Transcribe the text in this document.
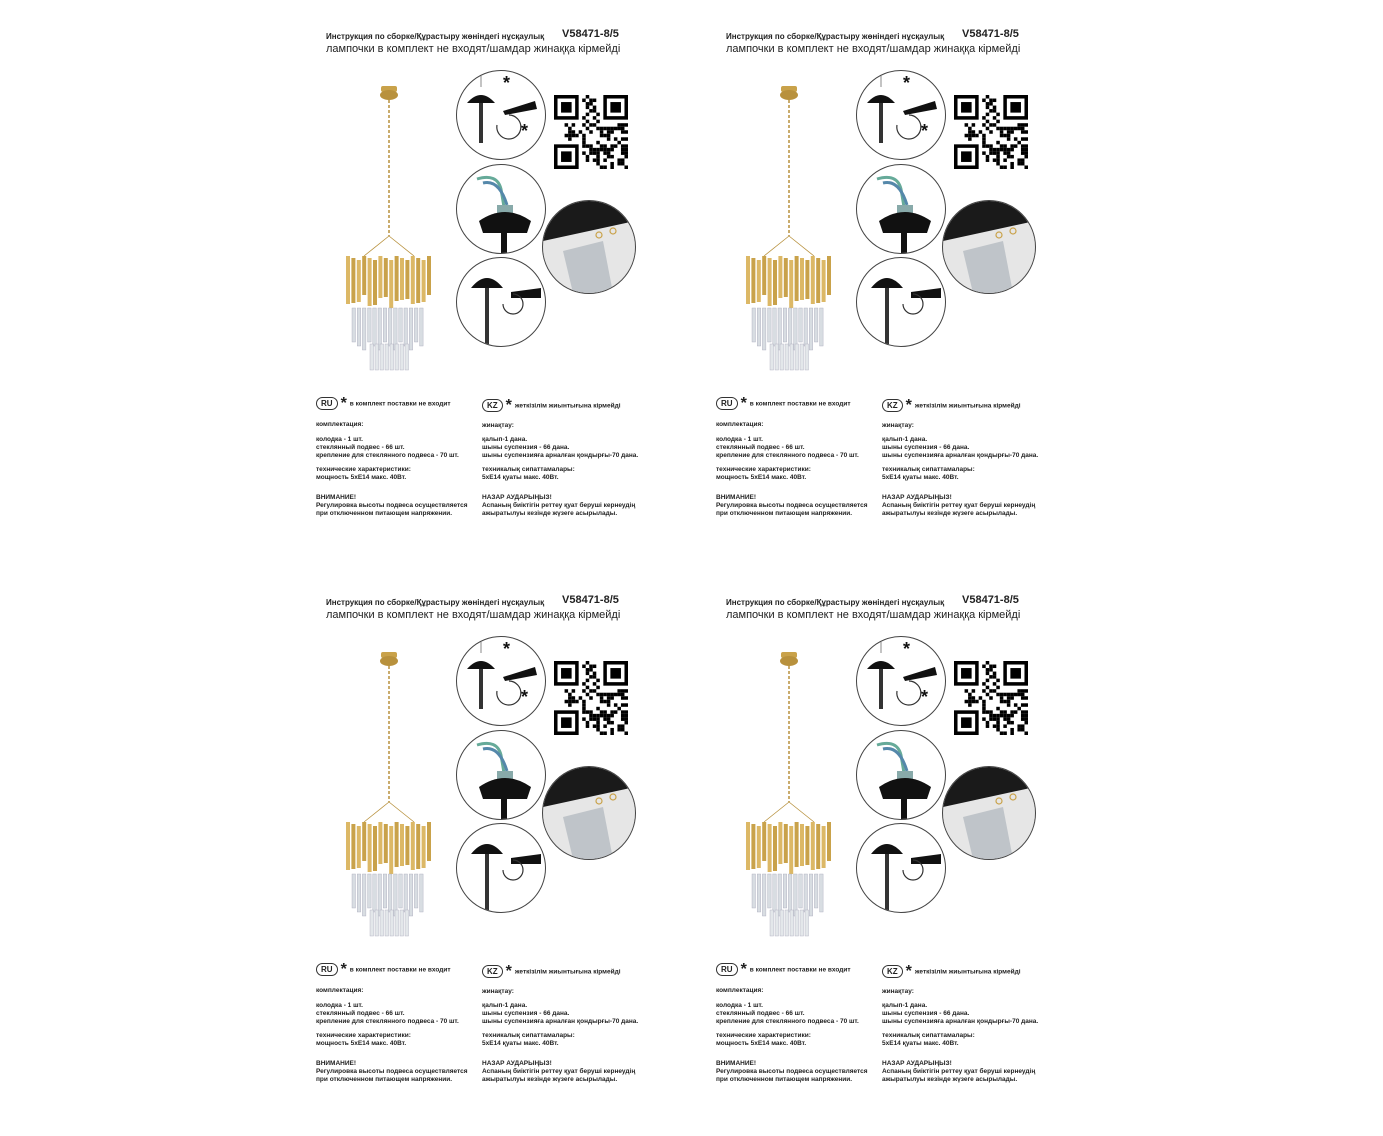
Инструкция по сборке/Құрастыру жөніндегі нұсқаулық
лампочки в комплект не входят/шамдар жинаққа кірмейді
V58471-8/5
*
*
RU * в комплект поставки не входит	KZ * жеткізілім жиынтығына кірмейді
комплектация:
колодка - 1 шт.
стеклянный подвес - 66 шт.
крепление для стеклянного подвеса - 70 шт.
технические характеристики:
мощность 5хЕ14 макс. 40Вт.
ВНИМАНИЕ!
Регулировка высоты подвеса осуществляется
при отключенном питающем напряжении.
жинақтау:
қалып-1 дана.
шыны суспензия - 66 дана.
шыны суспензияға арналған қондырғы-70 дана.
техникалық сипаттамалары:
5хЕ14 қуаты макс. 40Вт.
НАЗАР АУДАРЫҢЫЗ!
Аспаның биіктігін реттеу қуат беруші кернеудің
ажыратылуы кезінде жүзеге асырылады.
Инструкция по сборке/Құрастыру жөніндегі нұсқаулық
лампочки в комплект не входят/шамдар жинаққа кірмейді
V58471-8/5
*
*
RU * в комплект поставки не входит	KZ * жеткізілім жиынтығына кірмейді
комплектация:
колодка - 1 шт.
стеклянный подвес - 66 шт.
крепление для стеклянного подвеса - 70 шт.
технические характеристики:
мощность 5хЕ14 макс. 40Вт.
ВНИМАНИЕ!
Регулировка высоты подвеса осуществляется
при отключенном питающем напряжении.
жинақтау:
қалып-1 дана.
шыны суспензия - 66 дана.
шыны суспензияға арналған қондырғы-70 дана.
техникалық сипаттамалары:
5хЕ14 қуаты макс. 40Вт.
НАЗАР АУДАРЫҢЫЗ!
Аспаның биіктігін реттеу қуат беруші кернеудің
ажыратылуы кезінде жүзеге асырылады.
Инструкция по сборке/Құрастыру жөніндегі нұсқаулық
лампочки в комплект не входят/шамдар жинаққа кірмейді
V58471-8/5
*
*
RU * в комплект поставки не входит	KZ * жеткізілім жиынтығына кірмейді
комплектация:
колодка - 1 шт.
стеклянный подвес - 66 шт.
крепление для стеклянного подвеса - 70 шт.
технические характеристики:
мощность 5хЕ14 макс. 40Вт.
ВНИМАНИЕ!
Регулировка высоты подвеса осуществляется
при отключенном питающем напряжении.
жинақтау:
қалып-1 дана.
шыны суспензия - 66 дана.
шыны суспензияға арналған қондырғы-70 дана.
техникалық сипаттамалары:
5хЕ14 қуаты макс. 40Вт.
НАЗАР АУДАРЫҢЫЗ!
Аспаның биіктігін реттеу қуат беруші кернеудің
ажыратылуы кезінде жүзеге асырылады.
Инструкция по сборке/Құрастыру жөніндегі нұсқаулық
лампочки в комплект не входят/шамдар жинаққа кірмейді
V58471-8/5
*
*
RU * в комплект поставки не входит	KZ * жеткізілім жиынтығына кірмейді
комплектация:
колодка - 1 шт.
стеклянный подвес - 66 шт.
крепление для стеклянного подвеса - 70 шт.
технические характеристики:
мощность 5хЕ14 макс. 40Вт.
ВНИМАНИЕ!
Регулировка высоты подвеса осуществляется
при отключенном питающем напряжении.
жинақтау:
қалып-1 дана.
шыны суспензия - 66 дана.
шыны суспензияға арналған қондырғы-70 дана.
техникалық сипаттамалары:
5хЕ14 қуаты макс. 40Вт.
НАЗАР АУДАРЫҢЫЗ!
Аспаның биіктігін реттеу қуат беруші кернеудің
ажыратылуы кезінде жүзеге асырылады.
